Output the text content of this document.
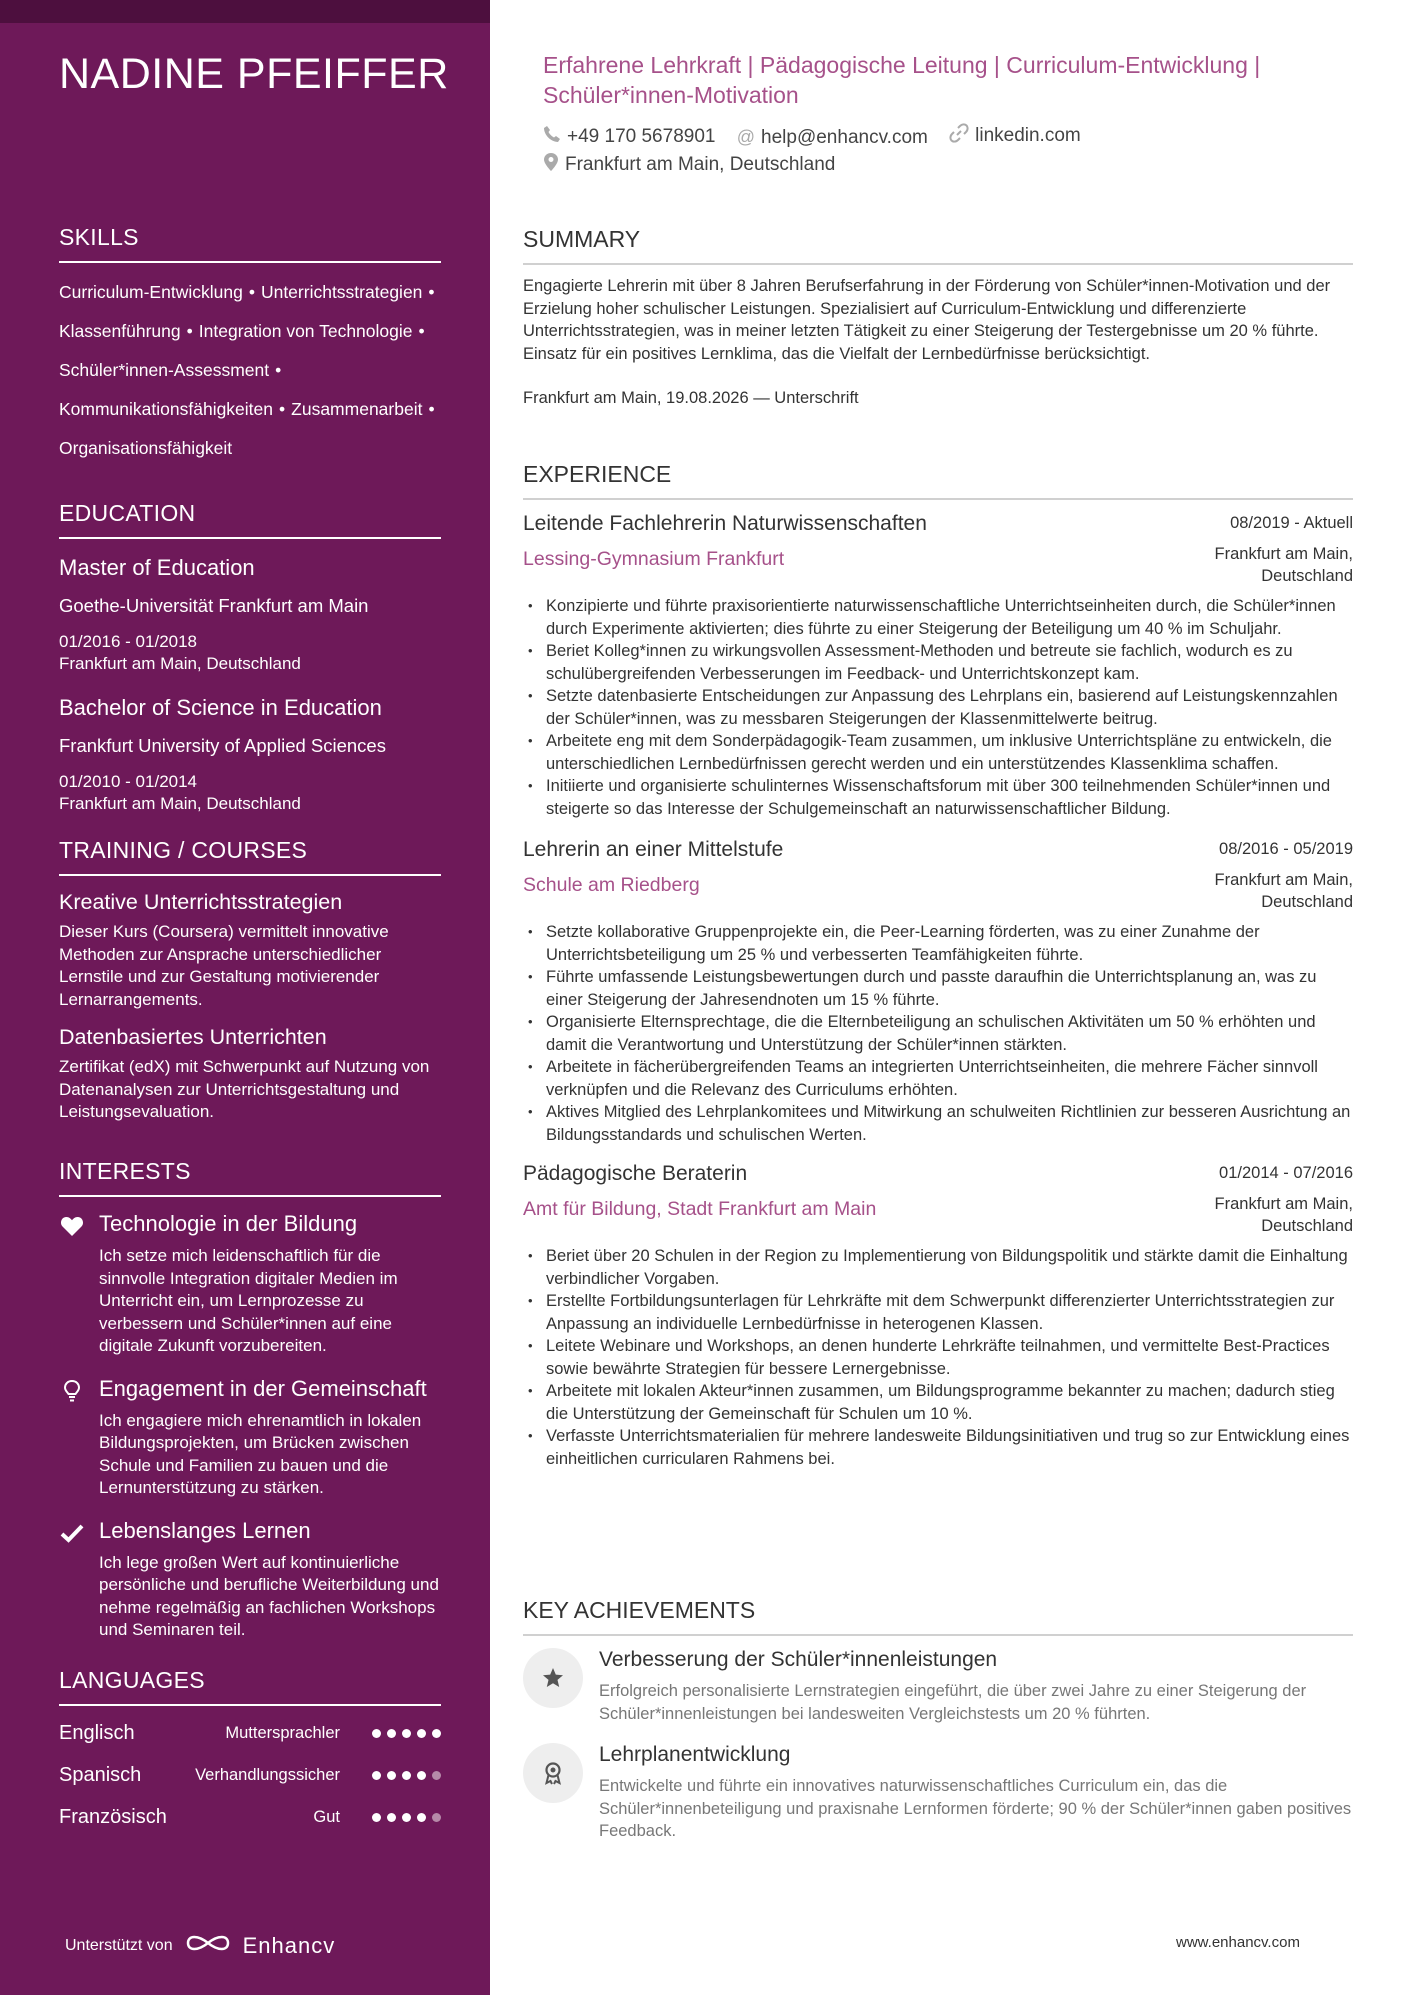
NADINE PFEIFFER
SKILLS
Curriculum-Entwicklung • Unterrichtsstrategien •
Klassenführung • Integration von Technologie •
Schüler*innen-Assessment •
Kommunikationsfähigkeiten • Zusammenarbeit •
Organisationsfähigkeit
EDUCATION
Master of Education
Goethe-Universität Frankfurt am Main
01/2016 - 01/2018
Frankfurt am Main, Deutschland
Bachelor of Science in Education
Frankfurt University of Applied Sciences
01/2010 - 01/2014
Frankfurt am Main, Deutschland
TRAINING / COURSES
Kreative Unterrichtsstrategien
Dieser Kurs (Coursera) vermittelt innovative Methoden zur Ansprache unterschiedlicher Lernstile und zur Gestaltung motivierender Lernarrangements.
Datenbasiertes Unterrichten
Zertifikat (edX) mit Schwerpunkt auf Nutzung von Datenanalysen zur Unterrichtsgestaltung und Leistungsevaluation.
INTERESTS
Technologie in der Bildung
Ich setze mich leidenschaftlich für die sinnvolle Integration digitaler Medien im Unterricht ein, um Lernprozesse zu verbessern und Schüler*innen auf eine digitale Zukunft vorzubereiten.
Engagement in der Gemeinschaft
Ich engagiere mich ehrenamtlich in lokalen Bildungsprojekten, um Brücken zwischen Schule und Familien zu bauen und die Lernunterstützung zu stärken.
Lebenslanges Lernen
Ich lege großen Wert auf kontinuierliche persönliche und berufliche Weiterbildung und nehme regelmäßig an fachlichen Workshops und Seminaren teil.
LANGUAGES
Englisch	Muttersprachler
Spanisch	Verhandlungssicher
Französisch	Gut
Unterstützt von	Enhancv
Erfahrene Lehrkraft | Pädagogische Leitung | Curriculum-Entwicklung | Schüler*innen-Motivation
+49 170 5678901
@ help@enhancv.com
linkedin.com
Frankfurt am Main, Deutschland
SUMMARY
Engagierte Lehrerin mit über 8 Jahren Berufserfahrung in der Förderung von Schüler*innen-Motivation und der Erzielung hoher schulischer Leistungen. Spezialisiert auf Curriculum-Entwicklung und differenzierte Unterrichtsstrategien, was in meiner letzten Tätigkeit zu einer Steigerung der Testergebnisse um 20 % führte. Einsatz für ein positives Lernklima, das die Vielfalt der Lernbedürfnisse berücksichtigt.
Frankfurt am Main, 19.08.2026 — Unterschrift
EXPERIENCE
Leitende Fachlehrerin Naturwissenschaften
Lessing-Gymnasium Frankfurt
08/2019 - Aktuell
Frankfurt am Main,
Deutschland
• Konzipierte und führte praxisorientierte naturwissenschaftliche Unterrichtseinheiten durch, die Schüler*innen durch Experimente aktivierten; dies führte zu einer Steigerung der Beteiligung um 40 % im Schuljahr.
• Beriet Kolleg*innen zu wirkungsvollen Assessment-Methoden und betreute sie fachlich, wodurch es zu schulübergreifenden Verbesserungen im Feedback- und Unterrichtskonzept kam.
• Setzte datenbasierte Entscheidungen zur Anpassung des Lehrplans ein, basierend auf Leistungskennzahlen der Schüler*innen, was zu messbaren Steigerungen der Klassenmittelwerte beitrug.
• Arbeitete eng mit dem Sonderpädagogik-Team zusammen, um inklusive Unterrichtspläne zu entwickeln, die unterschiedlichen Lernbedürfnissen gerecht werden und ein unterstützendes Klassenklima schaffen.
• Initiierte und organisierte schulinternes Wissenschaftsforum mit über 300 teilnehmenden Schüler*innen und steigerte so das Interesse der Schulgemeinschaft an naturwissenschaftlicher Bildung.
Lehrerin an einer Mittelstufe
Schule am Riedberg
08/2016 - 05/2019
Frankfurt am Main,
Deutschland
• Setzte kollaborative Gruppenprojekte ein, die Peer-Learning förderten, was zu einer Zunahme der Unterrichtsbeteiligung um 25 % und verbesserten Teamfähigkeiten führte.
• Führte umfassende Leistungsbewertungen durch und passte daraufhin die Unterrichtsplanung an, was zu einer Steigerung der Jahresendnoten um 15 % führte.
• Organisierte Elternsprechtage, die die Elternbeteiligung an schulischen Aktivitäten um 50 % erhöhten und damit die Verantwortung und Unterstützung der Schüler*innen stärkten.
• Arbeitete in fächerübergreifenden Teams an integrierten Unterrichtseinheiten, die mehrere Fächer sinnvoll verknüpfen und die Relevanz des Curriculums erhöhten.
• Aktives Mitglied des Lehrplankomitees und Mitwirkung an schulweiten Richtlinien zur besseren Ausrichtung an Bildungsstandards und schulischen Werten.
Pädagogische Beraterin
Amt für Bildung, Stadt Frankfurt am Main
01/2014 - 07/2016
Frankfurt am Main,
Deutschland
• Beriet über 20 Schulen in der Region zu Implementierung von Bildungspolitik und stärkte damit die Einhaltung verbindlicher Vorgaben.
• Erstellte Fortbildungsunterlagen für Lehrkräfte mit dem Schwerpunkt differenzierter Unterrichtsstrategien zur Anpassung an individuelle Lernbedürfnisse in heterogenen Klassen.
• Leitete Webinare und Workshops, an denen hunderte Lehrkräfte teilnahmen, und vermittelte Best-Practices sowie bewährte Strategien für bessere Lernergebnisse.
• Arbeitete mit lokalen Akteur*innen zusammen, um Bildungsprogramme bekannter zu machen; dadurch stieg die Unterstützung der Gemeinschaft für Schulen um 10 %.
• Verfasste Unterrichtsmaterialien für mehrere landesweite Bildungsinitiativen und trug so zur Entwicklung eines einheitlichen curricularen Rahmens bei.
KEY ACHIEVEMENTS
Verbesserung der Schüler*innenleistungen
Erfolgreich personalisierte Lernstrategien eingeführt, die über zwei Jahre zu einer Steigerung der Schüler*innenleistungen bei landesweiten Vergleichstests um 20 % führten.
Lehrplanentwicklung
Entwickelte und führte ein innovatives naturwissenschaftliches Curriculum ein, das die Schüler*innenbeteiligung und praxisnahe Lernformen förderte; 90 % der Schüler*innen gaben positives Feedback.
www.enhancv.com
